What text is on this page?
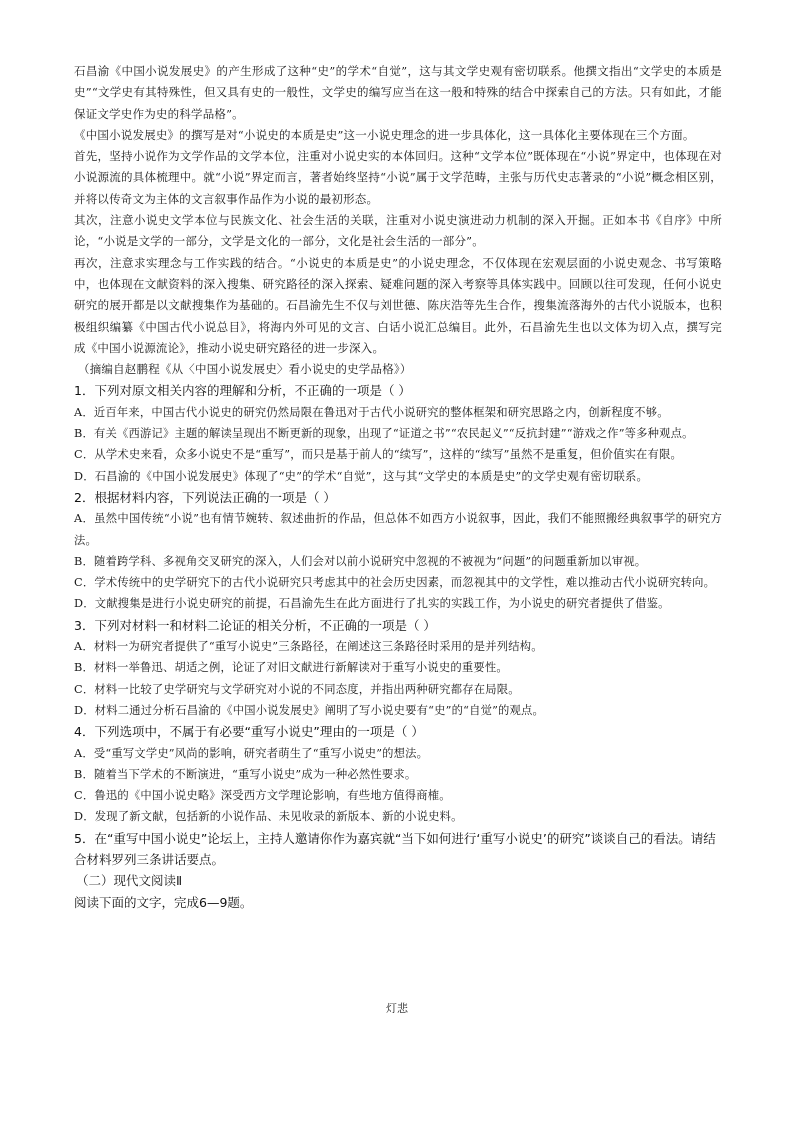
石昌渝《中国小说发展史》的产生形成了这种“史”的学术“自觉”，这与其文学史观有密切联系。他撰文指出“文学史的本质是史”“文学史有其特殊性，但又具有史的一般性，文学史的编写应当在这一般和特殊的结合中探索自己的方法。只有如此，才能保证文学史作为史的科学品格”。

《中国小说发展史》的撰写是对“小说史的本质是史”这一小说史理念的进一步具体化，这一具体化主要体现在三个方面。

首先，坚持小说作为文学作品的文学本位，注重对小说史实的本体回归。这种“文学本位”既体现在“小说”界定中，也体现在对小说源流的具体梳理中。就“小说”界定而言，著者始终坚持“小说”属于文学范畴，主张与历代史志著录的“小说”概念相区别，并将以传奇文为主体的文言叙事作品作为小说的最初形态。

其次，注意小说史文学本位与民族文化、社会生活的关联，注重对小说史演进动力机制的深入开掘。正如本书《自序》中所论，“小说是文学的一部分，文学是文化的一部分，文化是社会生活的一部分”。

再次，注意求实理念与工作实践的结合。“小说史的本质是史”的小说史理念，不仅体现在宏观层面的小说史观念、书写策略中，也体现在文献资料的深入搜集、研究路径的深入探索、疑难问题的深入考察等具体实践中。回顾以往可发现，任何小说史研究的展开都是以文献搜集作为基础的。石昌渝先生不仅与刘世德、陈庆浩等先生合作，搜集流落海外的古代小说版本，也积极组织编纂《中国古代小说总目》，将海内外可见的文言、白话小说汇总编目。此外，石昌渝先生也以文体为切入点，撰写完成《中国小说源流论》，推动小说史研究路径的进一步深入。

（摘编自赵鹏程《从〈中国小说发展史〉看小说史的史学品格》）

1．下列对原文相关内容的理解和分析，不正确的一项是（ ）

A．近百年来，中国古代小说史的研究仍然局限在鲁迅对于古代小说研究的整体框架和研究思路之内，创新程度不够。

B．有关《西游记》主题的解读呈现出不断更新的现象，出现了“证道之书”“农民起义”“反抗封建”“游戏之作”等多种观点。

C．从学术史来看，众多小说史不是“重写”，而只是基于前人的“续写”，这样的“续写”虽然不是重复，但价值实在有限。

D．石昌渝的《中国小说发展史》体现了“史”的学术“自觉”，这与其“文学史的本质是史”的文学史观有密切联系。

2．根据材料内容，下列说法正确的一项是（ ）

A．虽然中国传统“小说”也有情节婉转、叙述曲折的作品，但总体不如西方小说叙事，因此，我们不能照搬经典叙事学的研究方法。

B．随着跨学科、多视角交叉研究的深入，人们会对以前小说研究中忽视的不被视为“问题”的问题重新加以审视。

C．学术传统中的史学研究下的古代小说研究只考虑其中的社会历史因素，而忽视其中的文学性，难以推动古代小说研究转向。

D．文献搜集是进行小说史研究的前提，石昌渝先生在此方面进行了扎实的实践工作，为小说史的研究者提供了借鉴。

3．下列对材料一和材料二论证的相关分析，不正确的一项是（ ）

A．材料一为研究者提供了“重写小说史”三条路径，在阐述这三条路径时采用的是并列结构。

B．材料一举鲁迅、胡适之例，论证了对旧文献进行新解读对于重写小说史的重要性。

C．材料一比较了史学研究与文学研究对小说的不同态度，并指出两种研究都存在局限。

D．材料二通过分析石昌渝的《中国小说发展史》阐明了写小说史要有“史”的“自觉”的观点。

4．下列选项中，不属于有必要“重写小说史”理由的一项是（ ）

A．受“重写文学史”风尚的影响，研究者萌生了“重写小说史”的想法。

B．随着当下学术的不断演进，“重写小说史”成为一种必然性要求。

C．鲁迅的《中国小说史略》深受西方文学理论影响，有些地方值得商榷。

D．发现了新文献，包括新的小说作品、未见收录的新版本、新的小说史料。

5．在“重写中国小说史”论坛上，主持人邀请你作为嘉宾就“当下如何进行‘重写小说史’的研究”谈谈自己的看法。请结合材料罗列三条讲话要点。

（二）现代文阅读Ⅱ

阅读下面的文字，完成6—9题。

灯悲
